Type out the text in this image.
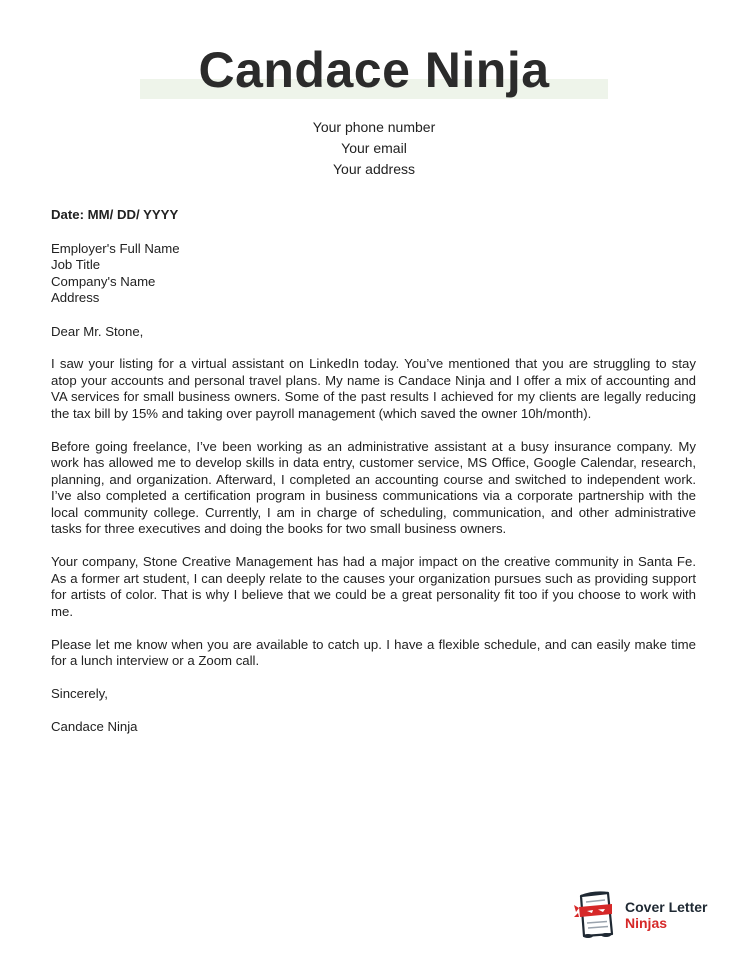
Candace Ninja
Your phone number
Your email
Your address
Date: MM/ DD/ YYYY
Employer's Full Name
Job Title
Company's Name
Address
Dear Mr. Stone,

I saw your listing for a virtual assistant on LinkedIn today. You’ve mentioned that you are struggling to stay atop your accounts and personal travel plans. My name is Candace Ninja and I offer a mix of accounting and VA services for small business owners. Some of the past results I achieved for my clients are legally reducing the tax bill by 15% and taking over payroll management (which saved the owner 10h/month).

Before going freelance, I’ve been working as an administrative assistant at a busy insurance company. My work has allowed me to develop skills in data entry, customer service, MS Office, Google Calendar, research, planning, and organization. Afterward, I completed an accounting course and switched to independent work. I’ve also completed a certification program in business communications via a corporate partnership with the local community college. Currently, I am in charge of scheduling, communication, and other administrative tasks for three executives and doing the books for two small business owners.

Your company, Stone Creative Management has had a major impact on the creative community in Santa Fe. As a former art student, I can deeply relate to the causes your organization pursues such as providing support for artists of color. That is why I believe that we could be a great personality fit too if you choose to work with me.

Please let me know when you are available to catch up. I have a flexible schedule, and can easily make time for a lunch interview or a Zoom call.

Sincerely,
Candace Ninja
Cover Letter
Ninjas
